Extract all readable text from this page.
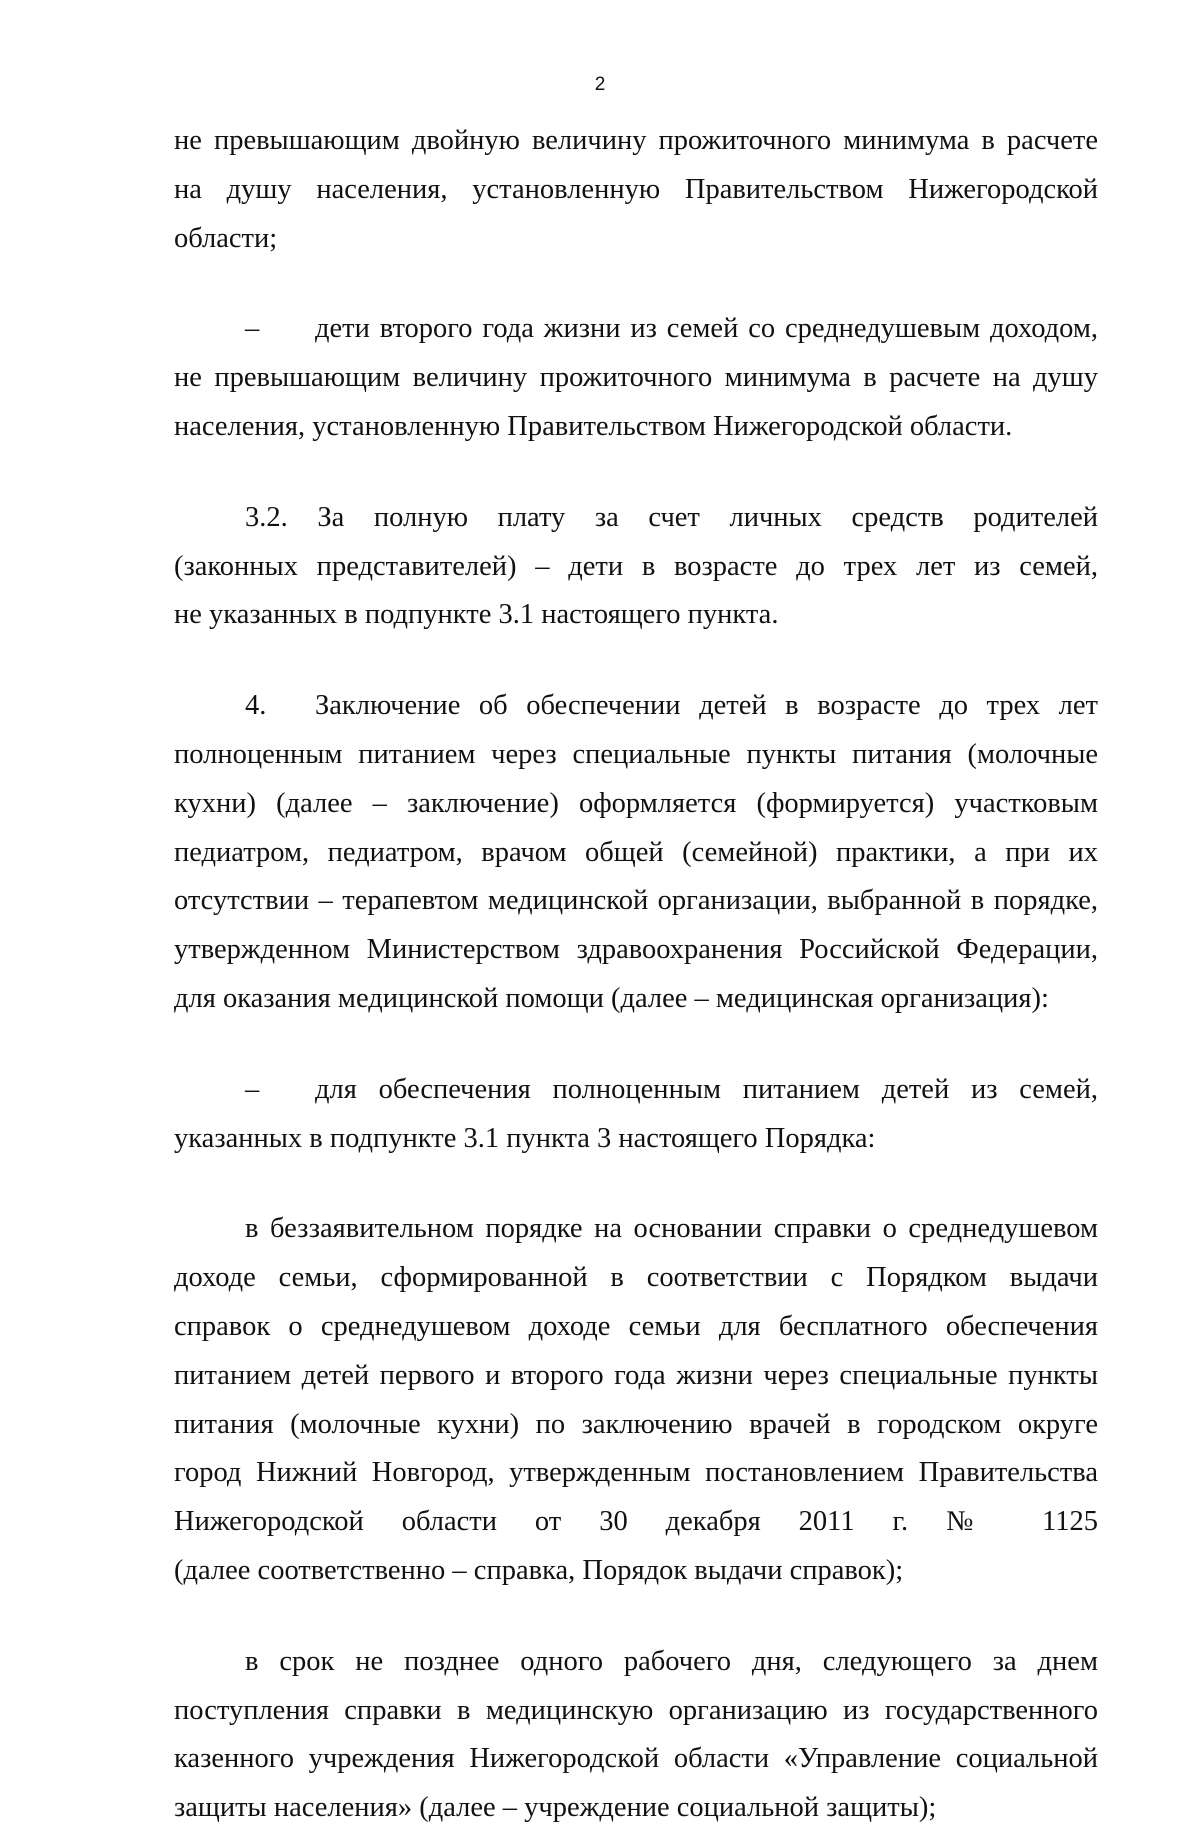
2
не превышающим двойную величину прожиточного минимума в расчете
на душу населения, установленную Правительством Нижегородской
области;
– дети второго года жизни из семей со среднедушевым доходом,
не превышающим величину прожиточного минимума в расчете на душу
населения, установленную Правительством Нижегородской области.
3.2. За полную плату за счет личных средств родителей
(законных представителей) – дети в возрасте до трех лет из семей,
не указанных в подпункте 3.1 настоящего пункта.
4. Заключение об обеспечении детей в возрасте до трех лет
полноценным питанием через специальные пункты питания (молочные
кухни) (далее – заключение) оформляется (формируется) участковым
педиатром, педиатром, врачом общей (семейной) практики, а при их
отсутствии – терапевтом медицинской организации, выбранной в порядке,
утвержденном Министерством здравоохранения Российской Федерации,
для оказания медицинской помощи (далее – медицинская организация):
– для обеспечения полноценным питанием детей из семей,
указанных в подпункте 3.1 пункта 3 настоящего Порядка:
в беззаявительном порядке на основании справки о среднедушевом
доходе семьи, сформированной в соответствии с Порядком выдачи
справок о среднедушевом доходе семьи для бесплатного обеспечения
питанием детей первого и второго года жизни через специальные пункты
питания (молочные кухни) по заключению врачей в городском округе
город Нижний Новгород, утвержденным постановлением Правительства
Нижегородской области от 30 декабря 2011 г. № 1125
(далее соответственно – справка, Порядок выдачи справок);
в срок не позднее одного рабочего дня, следующего за днем
поступления справки в медицинскую организацию из государственного
казенного учреждения Нижегородской области «Управление социальной
защиты населения» (далее – учреждение социальной защиты);
